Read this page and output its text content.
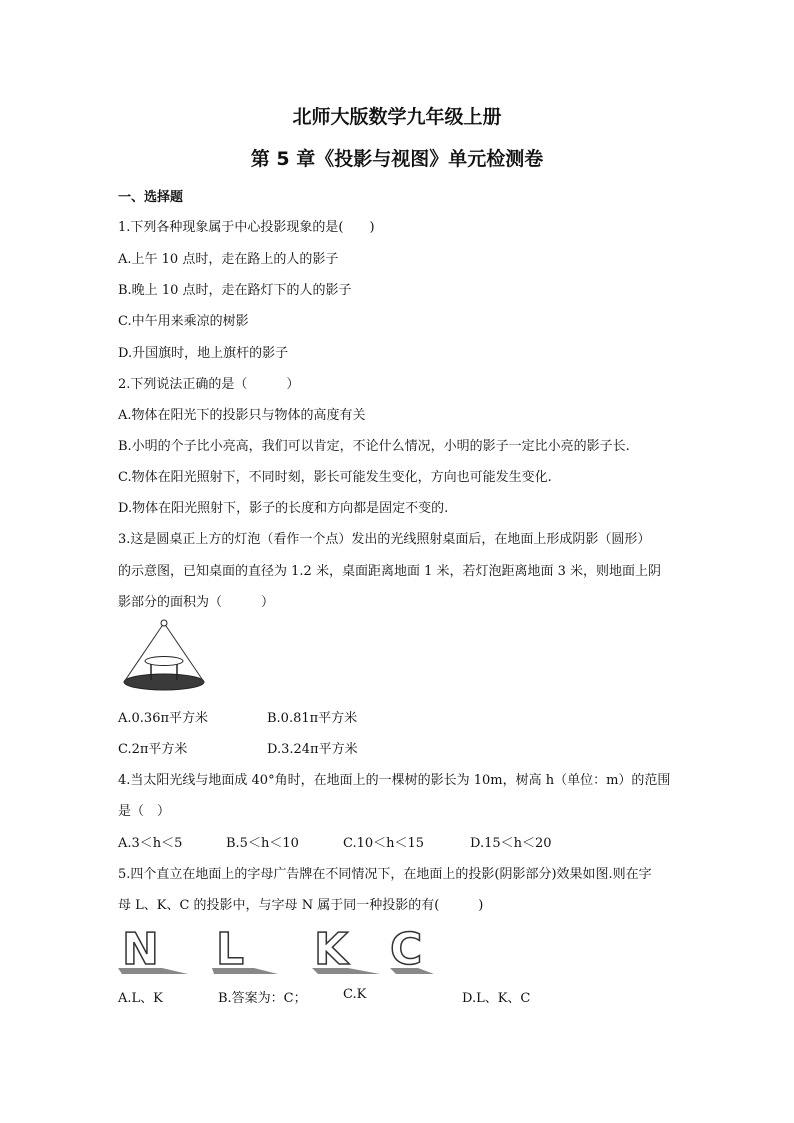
北师大版数学九年级上册
第 5 章《投影与视图》单元检测卷
一、选择题
1.下列各种现象属于中心投影现象的是(　　)
A.上午 10 点时，走在路上的人的影子
B.晚上 10 点时，走在路灯下的人的影子
C.中午用来乘凉的树影
D.升国旗时，地上旗杆的影子
2.下列说法正确的是（　　　）
A.物体在阳光下的投影只与物体的高度有关
B.小明的个子比小亮高，我们可以肯定，不论什么情况，小明的影子一定比小亮的影子长.
C.物体在阳光照射下，不同时刻，影长可能发生变化，方向也可能发生变化.
D.物体在阳光照射下，影子的长度和方向都是固定不变的.
3.这是圆桌正上方的灯泡（看作一个点）发出的光线照射桌面后，在地面上形成阴影（圆形）
的示意图，已知桌面的直径为 1.2 米，桌面距离地面 1 米，若灯泡距离地面 3 米，则地面上阴
影部分的面积为（　　　）
A.0.36π平方米	B.0.81π平方米
C.2π平方米	D.3.24π平方米
4.当太阳光线与地面成 40°角时，在地面上的一棵树的影长为 10m，树高 h（单位：m）的范围
是（　）
A.3＜h＜5	B.5＜h＜10	C.10＜h＜15	D.15＜h＜20
5.四个直立在地面上的字母广告牌在不同情况下，在地面上的投影(阴影部分)效果如图.则在字
母 L、K、C 的投影中，与字母 N 属于同一种投影的有(　　　)
N L K C
A.L、K	B.答案为：C；	C.K	D.L、K、C
